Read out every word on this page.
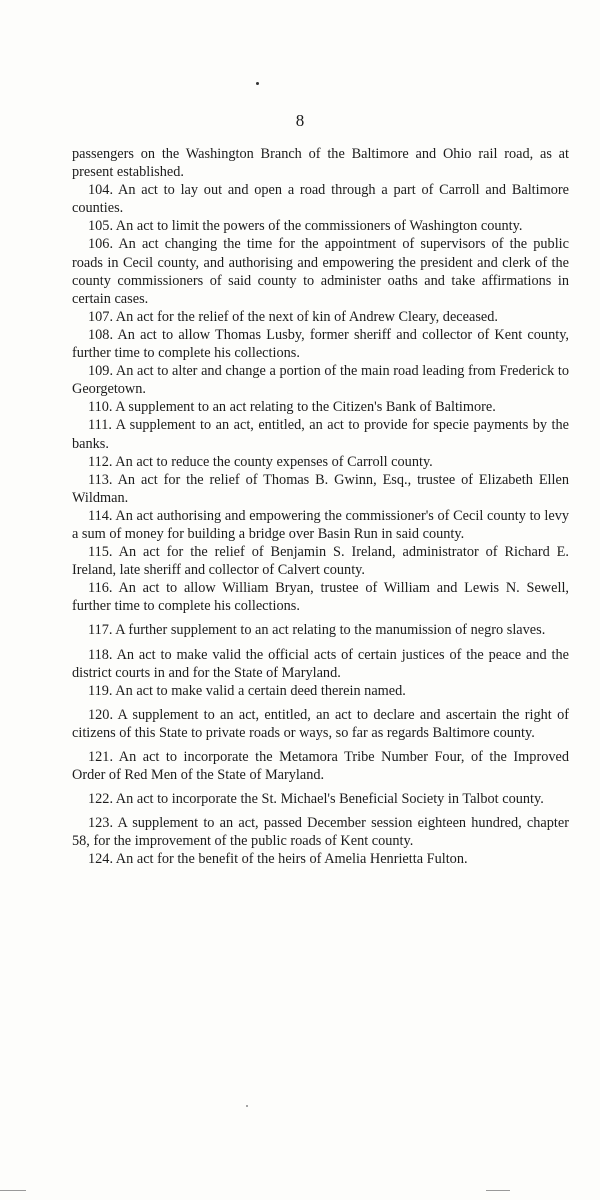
8

passengers on the Washington Branch of the Baltimore and Ohio rail road, as at present established.

104. An act to lay out and open a road through a part of Carroll and Baltimore counties.

105. An act to limit the powers of the commissioners of Washington county.

106. An act changing the time for the appointment of supervisors of the public roads in Cecil county, and authorising and empowering the president and clerk of the county commissioners of said county to administer oaths and take affirmations in certain cases.

107. An act for the relief of the next of kin of Andrew Cleary, deceased.

108. An act to allow Thomas Lusby, former sheriff and collector of Kent county, further time to complete his collections.

109. An act to alter and change a portion of the main road leading from Frederick to Georgetown.

110. A supplement to an act relating to the Citizen's Bank of Baltimore.

111. A supplement to an act, entitled, an act to provide for specie payments by the banks.

112. An act to reduce the county expenses of Carroll county.

113. An act for the relief of Thomas B. Gwinn, Esq., trustee of Elizabeth Ellen Wildman.

114. An act authorising and empowering the commissioner's of Cecil county to levy a sum of money for building a bridge over Basin Run in said county.

115. An act for the relief of Benjamin S. Ireland, administrator of Richard E. Ireland, late sheriff and collector of Calvert county.

116. An act to allow William Bryan, trustee of William and Lewis N. Sewell, further time to complete his collections.

117. A further supplement to an act relating to the manumission of negro slaves.

118. An act to make valid the official acts of certain justices of the peace and the district courts in and for the State of Maryland.

119. An act to make valid a certain deed therein named.

120. A supplement to an act, entitled, an act to declare and ascertain the right of citizens of this State to private roads or ways, so far as regards Baltimore county.

121. An act to incorporate the Metamora Tribe Number Four, of the Improved Order of Red Men of the State of Maryland.

122. An act to incorporate the St. Michael's Beneficial Society in Talbot county.

123. A supplement to an act, passed December session eighteen hundred, chapter 58, for the improvement of the public roads of Kent county.

124. An act for the benefit of the heirs of Amelia Henrietta Fulton.
